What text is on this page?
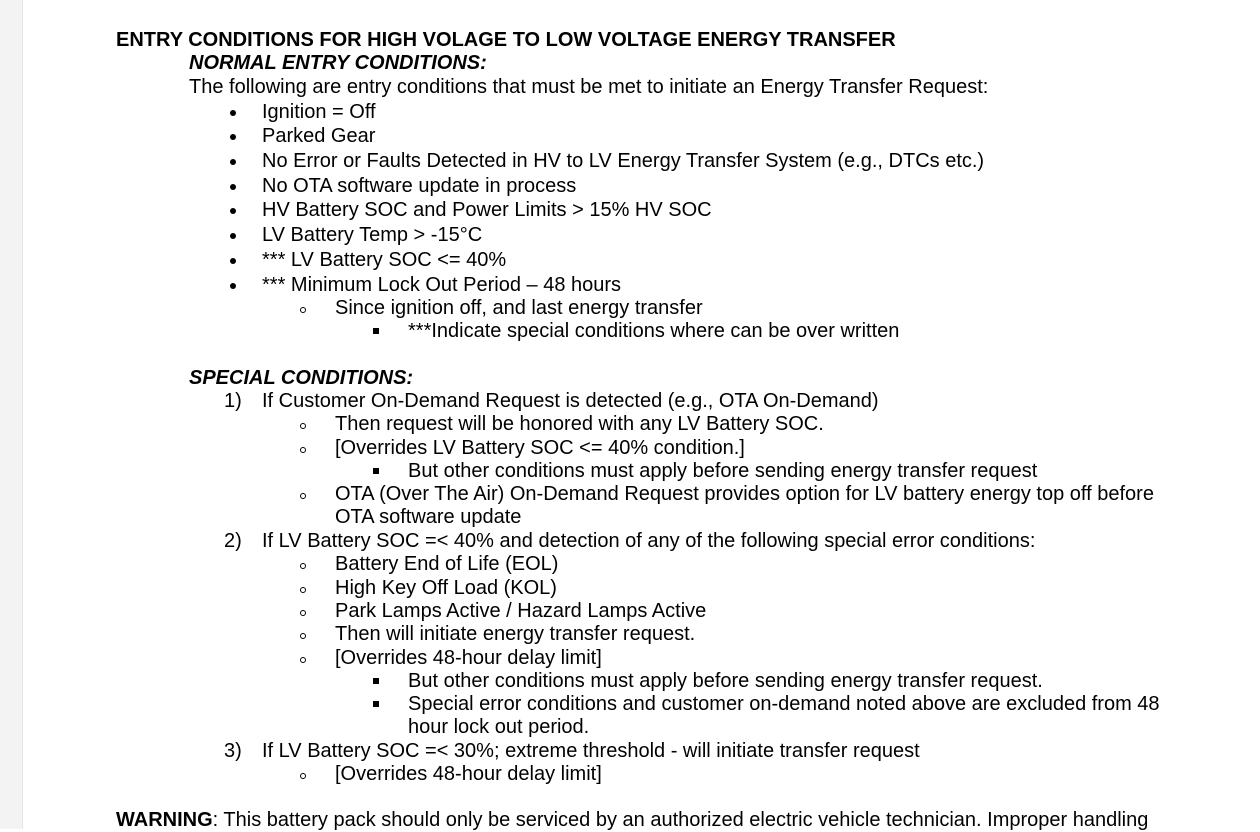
ENTRY CONDITIONS FOR HIGH VOLAGE TO LOW VOLTAGE ENERGY TRANSFER
NORMAL ENTRY CONDITIONS:
The following are entry conditions that must be met to initiate an Energy Transfer Request:
Ignition = Off
Parked Gear
No Error or Faults Detected in HV to LV Energy Transfer System (e.g., DTCs etc.)
No OTA software update in process
HV Battery SOC and Power Limits > 15% HV SOC
LV Battery Temp > -15°C
*** LV Battery SOC <= 40%
*** Minimum Lock Out Period – 48 hours
Since ignition off, and last energy transfer
***Indicate special conditions where can be over written
SPECIAL CONDITIONS:
1) If Customer On-Demand Request is detected (e.g., OTA On-Demand)
Then request will be honored with any LV Battery SOC.
[Overrides LV Battery SOC <= 40% condition.]
But other conditions must apply before sending energy transfer request
OTA (Over The Air) On-Demand Request provides option for LV battery energy top off before
OTA software update
2) If LV Battery SOC =< 40% and detection of any of the following special error conditions:
Battery End of Life (EOL)
High Key Off Load (KOL)
Park Lamps Active / Hazard Lamps Active
Then will initiate energy transfer request.
[Overrides 48-hour delay limit]
But other conditions must apply before sending energy transfer request.
Special error conditions and customer on-demand noted above are excluded from 48
hour lock out period.
3) If LV Battery SOC =< 30%; extreme threshold - will initiate transfer request
[Overrides 48-hour delay limit]
WARNING: This battery pack should only be serviced by an authorized electric vehicle technician. Improper handling
